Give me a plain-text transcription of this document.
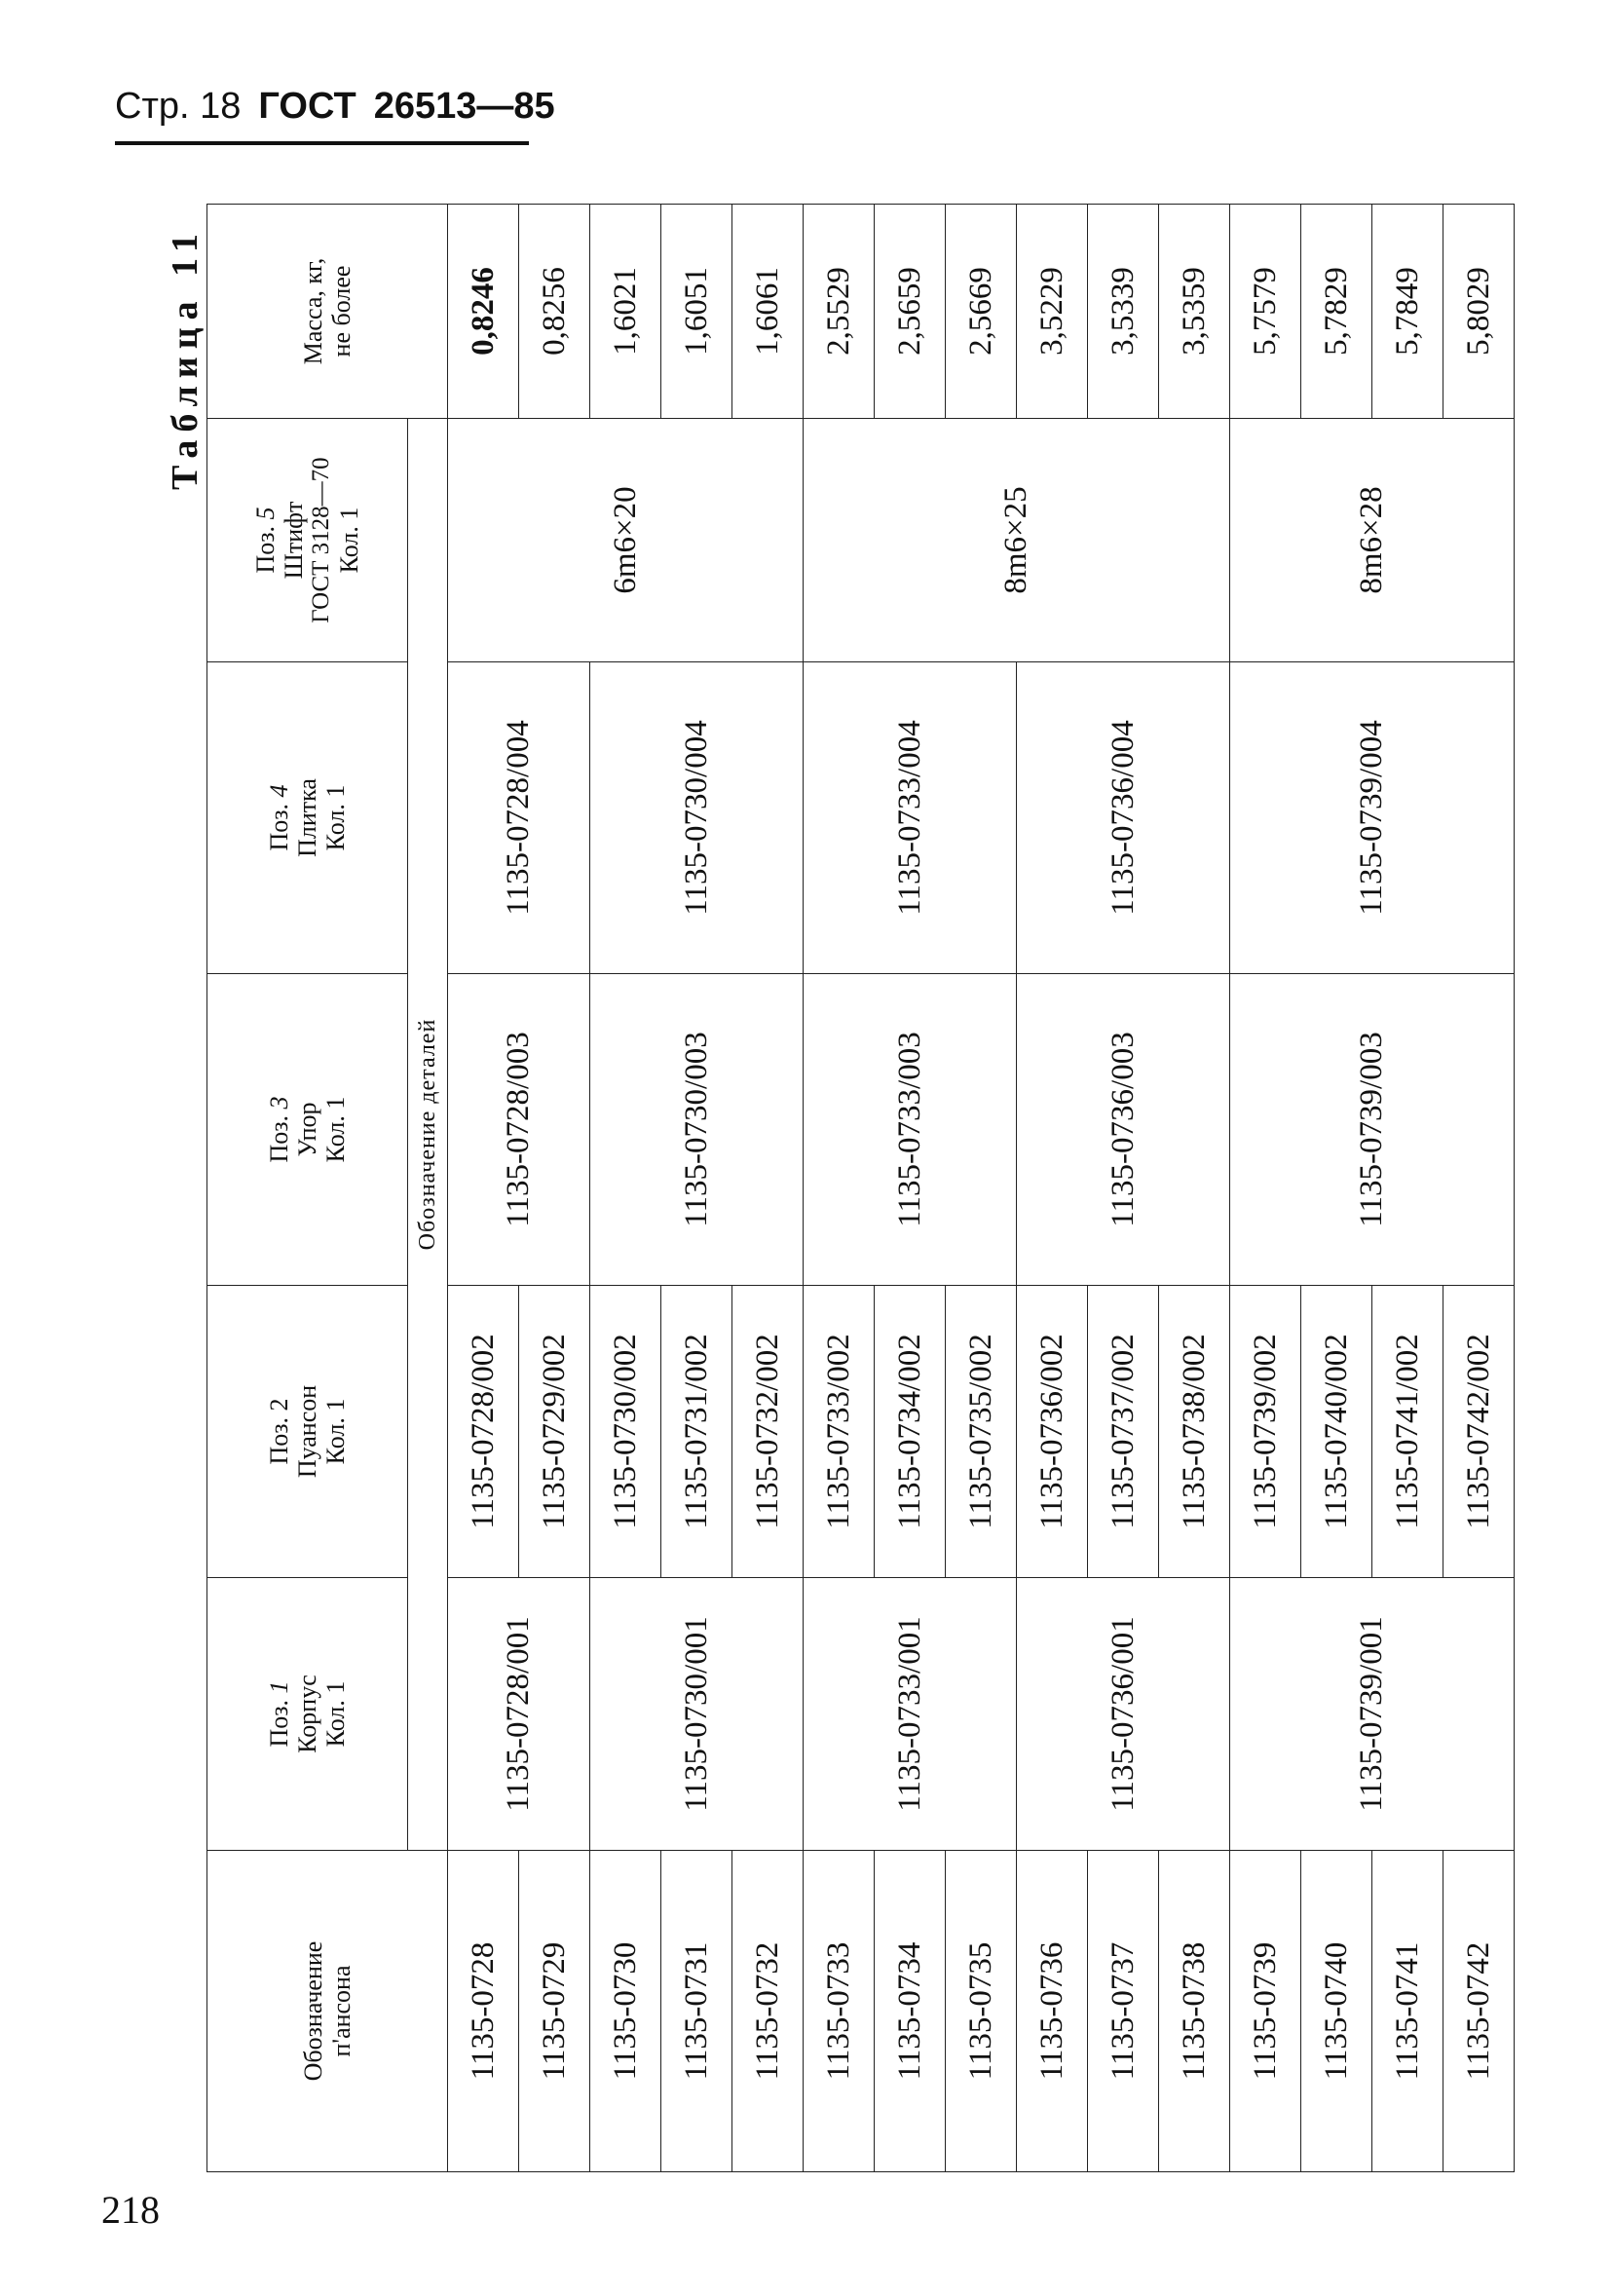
Стр. 18 ГОСТ 26513—85
Таблица 11
Обозначение п'ансона	Поз. 1 Корпус Кол. 1	Поз. 2 Пуансон Кол. 1	Поз. 3 Упор Кол. 1	Поз. 4 Плитка Кол. 1	Поз. 5 Штифт ГОСТ 3128—70 Кол. 1	Масса, кг, не более

	Обозначение деталей					
1135-0728	1135-0728/001	1135-0728/002	1135-0728/003	1135-0728/004	6m6×20	0,8246
1135-0729		1135-0729/002				0,8256
1135-0730	1135-0730/001	1135-0730/002	1135-0730/003	1135-0730/004		1,6021
1135-0731		1135-0731/002				1,6051
1135-0732		1135-0732/002				1,6061
1135-0733	1135-0733/001	1135-0733/002	1135-0733/003	1135-0733/004	8m6×25	2,5529
1135-0734		1135-0734/002				2,5659
1135-0735		1135-0735/002				2,5669
1135-0736	1135-0736/001	1135-0736/002	1135-0736/003	1135-0736/004		3,5229
1135-0737		1135-0737/002				3,5339
1135-0738		1135-0738/002				3,5359
1135-0739	1135-0739/001	1135-0739/002	1135-0739/003	1135-0739/004	8m6×28	5,7579
1135-0740		1135-0740/002				5,7829
1135-0741		1135-0741/002				5,7849
1135-0742		1135-0742/002				5,8029
218
